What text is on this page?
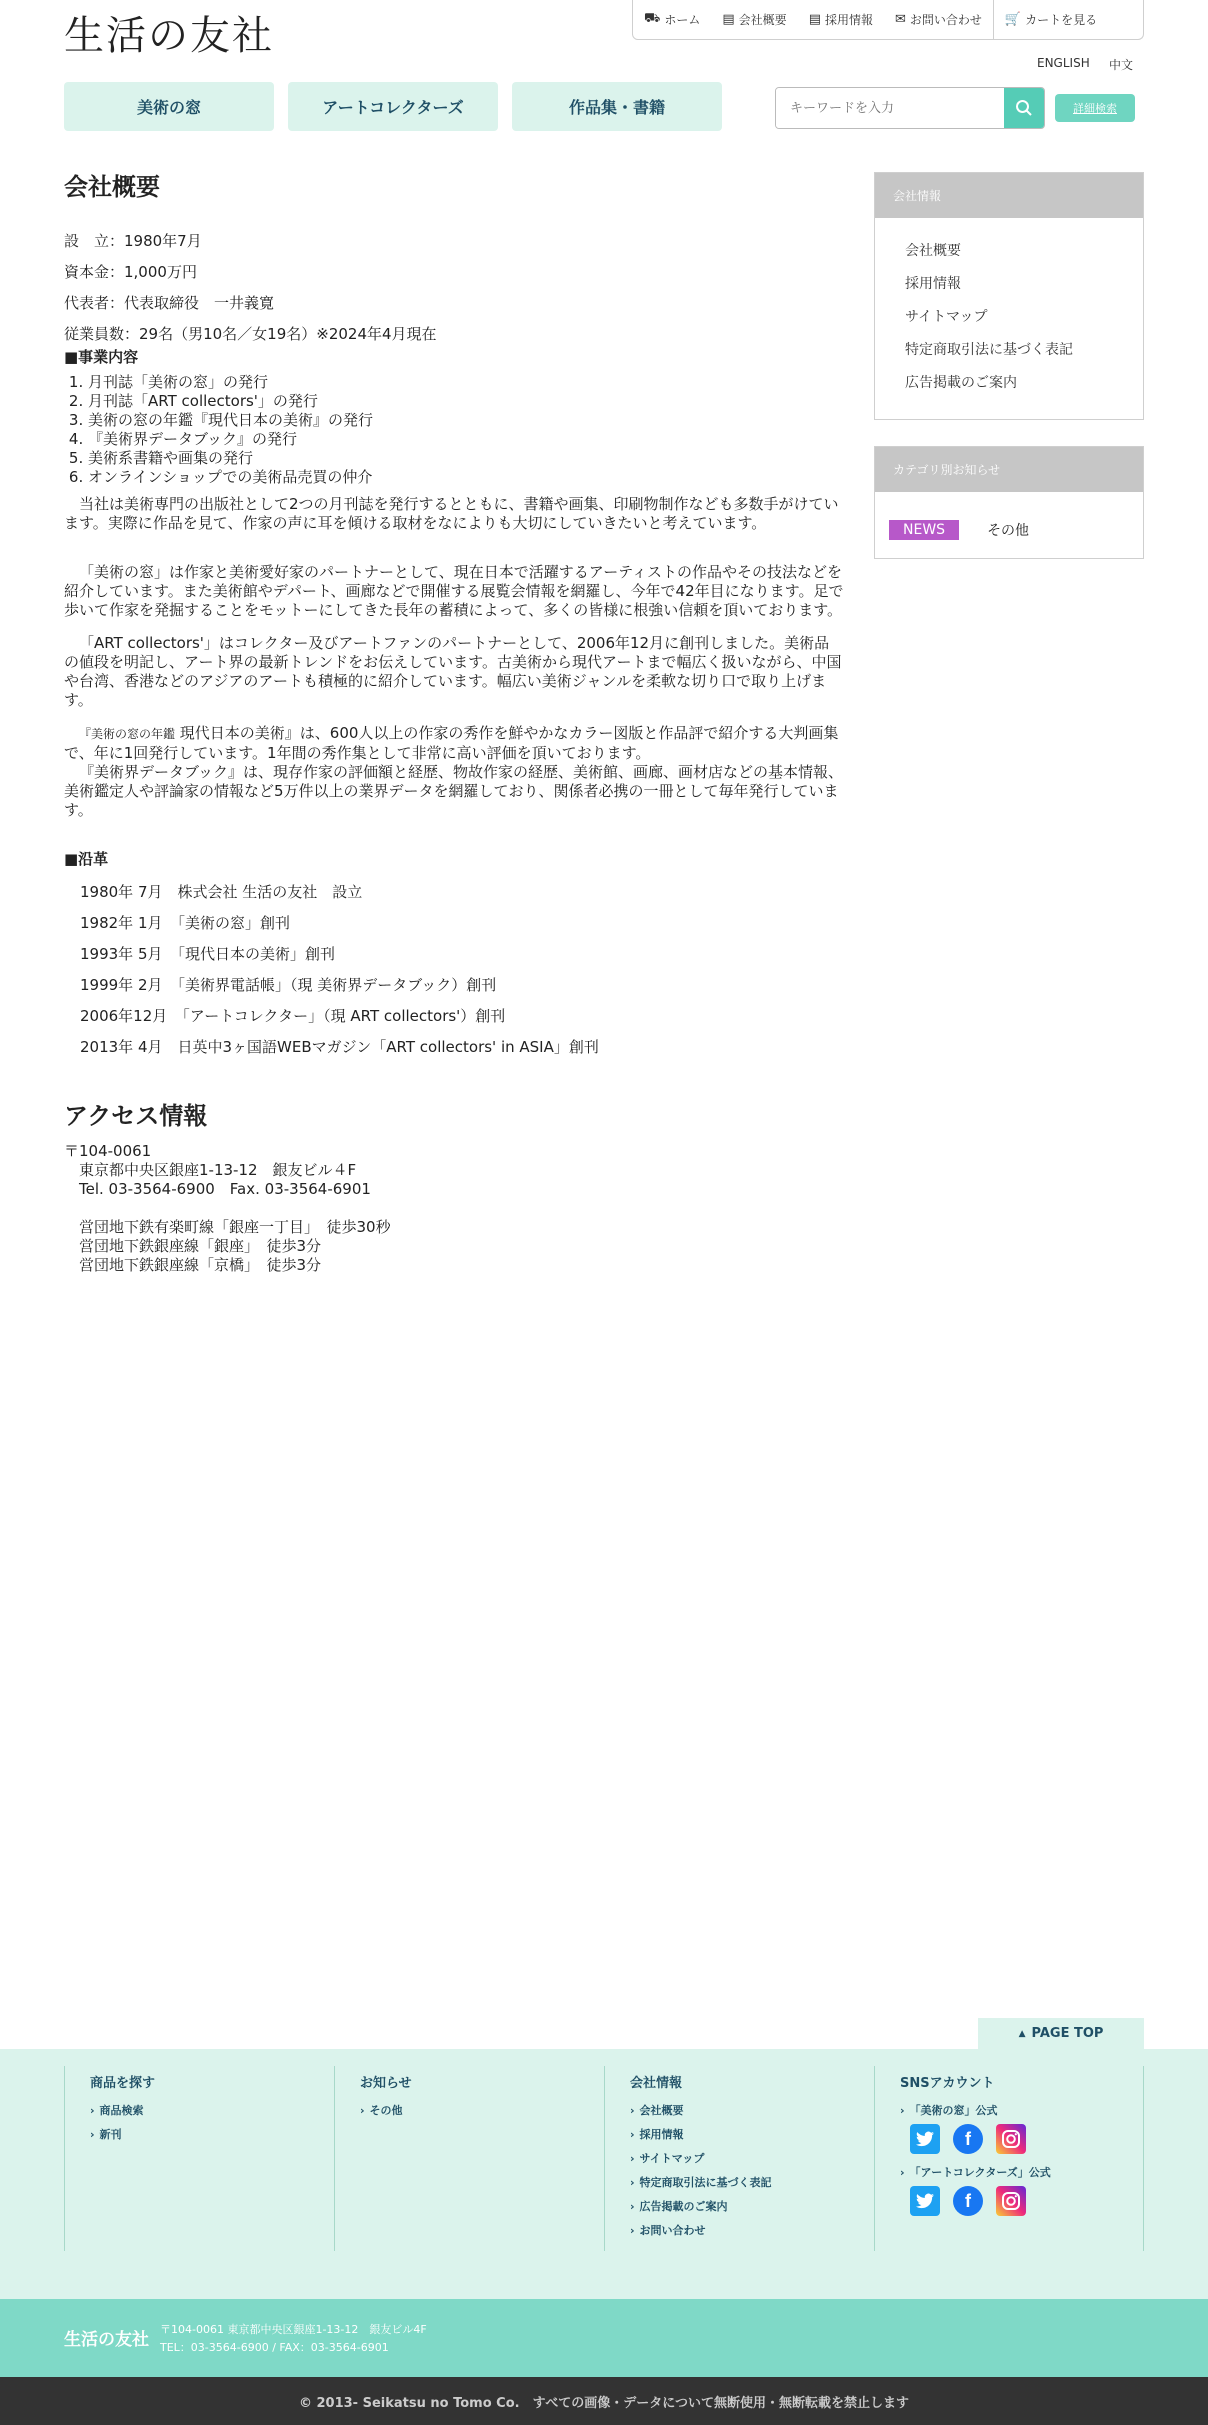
生活の友社	⛟ ホーム ▤ 会社概要 ▤ 採用情報 ✉ お問い合わせ 🛒 カートを見る
ENGLISH 中文
美術の窓	アートコレクターズ	作品集・書籍
キーワードを入力	詳細検索
会社概要
設　立：1980年7月
資本金：1,000万円
代表者：代表取締役　一井義寛
従業員数：29名（男10名／女19名）※2024年4月現在
■事業内容
1. 月刊誌「美術の窓」の発行
2. 月刊誌「ART collectors'」の発行
3. 美術の窓の年鑑『現代日本の美術』の発行
4. 『美術界データブック』の発行
5. 美術系書籍や画集の発行
6. オンラインショップでの美術品売買の仲介
当社は美術専門の出版社として2つの月刊誌を発行するとともに、書籍や画集、印刷物制作なども多数手がけています。実際に作品を見て、作家の声に耳を傾ける取材をなによりも大切にしていきたいと考えています。
「美術の窓」は作家と美術愛好家のパートナーとして、現在日本で活躍するアーティストの作品やその技法などを紹介しています。また美術館やデパート、画廊などで開催する展覧会情報を網羅し、今年で42年目になります。足で歩いて作家を発掘することをモットーにしてきた長年の蓄積によって、多くの皆様に根強い信頼を頂いております。
「ART collectors'」はコレクター及びアートファンのパートナーとして、2006年12月に創刊しました。美術品の値段を明記し、アート界の最新トレンドをお伝えしています。古美術から現代アートまで幅広く扱いながら、中国や台湾、香港などのアジアのアートも積極的に紹介しています。幅広い美術ジャンルを柔軟な切り口で取り上げます。
『美術の窓の年鑑 現代日本の美術』は、600人以上の作家の秀作を鮮やかなカラー図版と作品評で紹介する大判画集で、年に1回発行しています。1年間の秀作集として非常に高い評価を頂いております。
『美術界データブック』は、現存作家の評価額と経歴、物故作家の経歴、美術館、画廊、画材店などの基本情報、美術鑑定人や評論家の情報など5万件以上の業界データを網羅しており、関係者必携の一冊として毎年発行しています。
■沿革
1980年 7月　株式会社 生活の友社　設立
1982年 1月　「美術の窓」創刊
1993年 5月　「現代日本の美術」創刊
1999年 2月　「美術界電話帳」（現 美術界データブック）創刊
2006年12月　「アートコレクター」（現 ART collectors'）創刊
2013年 4月　日英中3ヶ国語WEBマガジン「ART collectors' in ASIA」創刊
アクセス情報
〒104-0061
　東京都中央区銀座1-13-12　銀友ビル４F
　Tel. 03-3564-6900　Fax. 03-3564-6901
　営団地下鉄有楽町線「銀座一丁目」　徒歩30秒
　営団地下鉄銀座線「銀座」　徒歩3分
　営団地下鉄銀座線「京橋」　徒歩3分
会社情報
会社概要
採用情報
サイトマップ
特定商取引法に基づく表記
広告掲載のご案内
カテゴリ別お知らせ
NEWS	その他
▲ PAGE TOP
商品を探す
› 商品検索
› 新刊
お知らせ
› その他
会社情報
› 会社概要
› 採用情報
› サイトマップ
› 特定商取引法に基づく表記
› 広告掲載のご案内
› お問い合わせ
SNSアカウント
› 「美術の窓」公式
f
› 「アートコレクターズ」公式
f
生活の友社
〒104-0061 東京都中央区銀座1-13-12　銀友ビル4F
TEL：03-3564-6900 / FAX：03-3564-6901
© 2013- Seikatsu no Tomo Co.　すべての画像・データについて無断使用・無断転載を禁止します
